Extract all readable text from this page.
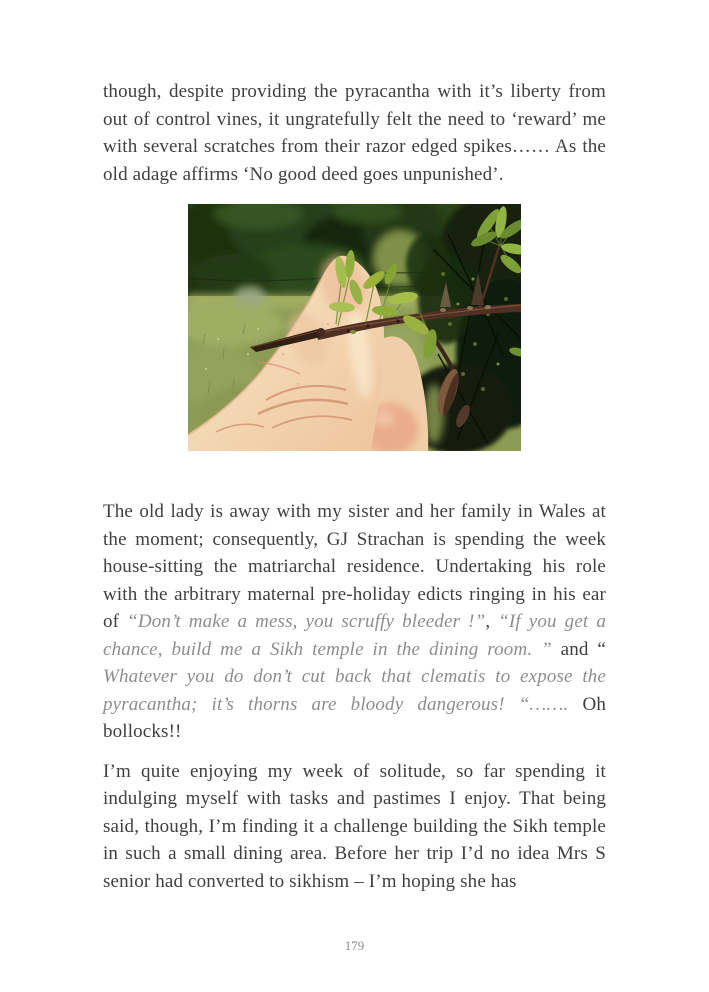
though, despite providing the pyracantha with it’s liberty from out of control vines, it ungratefully felt the need to ‘reward’ me with several scratches from their razor edged spikes…… As the old adage affirms ‘No good deed goes unpunished’.

The old lady is away with my sister and her family in Wales at the moment; consequently, GJ Strachan is spending the week house-sitting the matriarchal residence. Undertaking his role with the arbitrary maternal pre-holiday edicts ringing in his ear of “Don’t make a mess, you scruffy bleeder !”, “If you get a chance, build me a Sikh temple in the dining room. ” and “ Whatever you do don’t cut back that clematis to expose the pyracantha; it’s thorns are bloody dangerous! “……. Oh bollocks!!

I’m quite enjoying my week of solitude, so far spending it indulging myself with tasks and pastimes I enjoy. That being said, though, I’m finding it a challenge building the Sikh temple in such a small dining area. Before her trip I’d no idea Mrs S senior had converted to sikhism – I’m hoping she has

179
